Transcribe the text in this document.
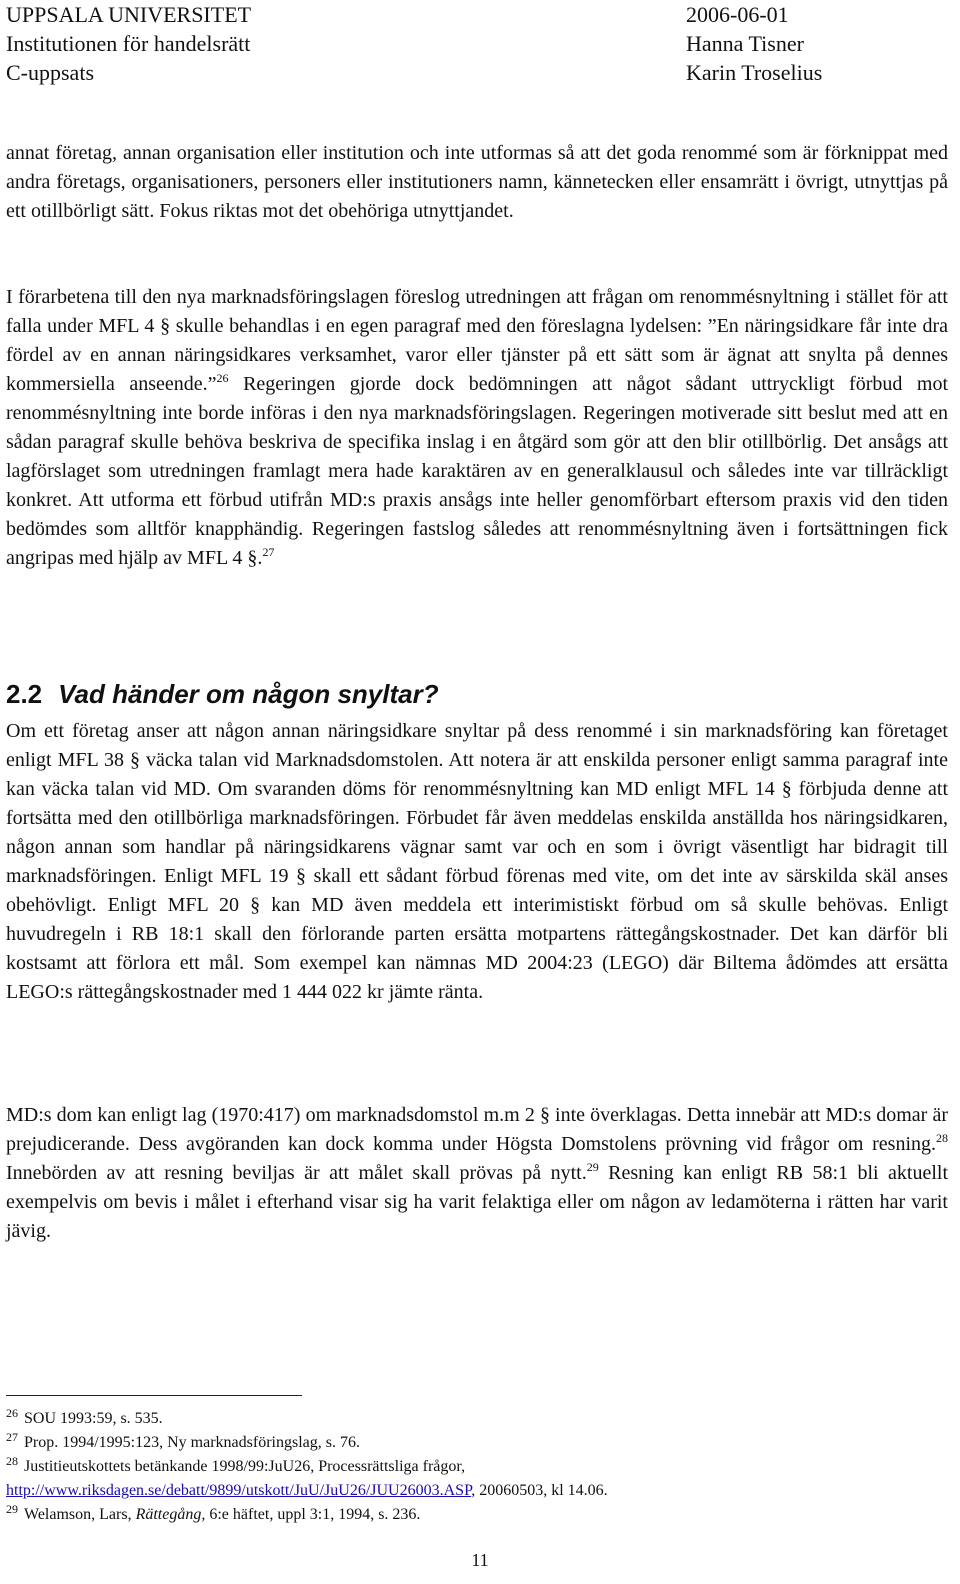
UPPSALA UNIVERSITET
Institutionen för handelsrätt
C-uppsats
2006-06-01
Hanna Tisner
Karin Troselius

annat företag, annan organisation eller institution och inte utformas så att det goda renommé som är förknippat med andra företags, organisationers, personers eller institutioners namn, kännetecken eller ensamrätt i övrigt, utnyttjas på ett otillbörligt sätt. Fokus riktas mot det obehöriga utnyttjandet.

I förarbetena till den nya marknadsföringslagen föreslog utredningen att frågan om renommésnyltning i stället för att falla under MFL 4 § skulle behandlas i en egen paragraf med den föreslagna lydelsen: ”En näringsidkare får inte dra fördel av en annan näringsidkares verksamhet, varor eller tjänster på ett sätt som är ägnat att snylta på dennes kommersiella anseende.”$^{26}$ Regeringen gjorde dock bedömningen att något sådant uttryckligt förbud mot renommésnyltning inte borde införas i den nya marknadsföringslagen. Regeringen motiverade sitt beslut med att en sådan paragraf skulle behöva beskriva de specifika inslag i en åtgärd som gör att den blir otillbörlig. Det ansågs att lagförslaget som utredningen framlagt mera hade karaktären av en generalklausul och således inte var tillräckligt konkret. Att utforma ett förbud utifrån MD:s praxis ansågs inte heller genomförbart eftersom praxis vid den tiden bedömdes som alltför knapphändig. Regeringen fastslog således att renommésnyltning även i fortsättningen fick angripas med hjälp av MFL 4 §.$^{27}$

2.2 Vad händer om någon snyltar?

Om ett företag anser att någon annan näringsidkare snyltar på dess renommé i sin marknadsföring kan företaget enligt MFL 38 § väcka talan vid Marknadsdomstolen. Att notera är att enskilda personer enligt samma paragraf inte kan väcka talan vid MD. Om svaranden döms för renommésnyltning kan MD enligt MFL 14 § förbjuda denne att fortsätta med den otillbörliga marknadsföringen. Förbudet får även meddelas enskilda anställda hos näringsidkaren, någon annan som handlar på näringsidkarens vägnar samt var och en som i övrigt väsentligt har bidragit till marknadsföringen. Enligt MFL 19 § skall ett sådant förbud förenas med vite, om det inte av särskilda skäl anses obehövligt. Enligt MFL 20 § kan MD även meddela ett interimistiskt förbud om så skulle behövas. Enligt huvudregeln i RB 18:1 skall den förlorande parten ersätta motpartens rättegångskostnader. Det kan därför bli kostsamt att förlora ett mål. Som exempel kan nämnas MD 2004:23 (LEGO) där Biltema ådömdes att ersätta LEGO:s rättegångskostnader med 1 444 022 kr jämte ränta.

MD:s dom kan enligt lag (1970:417) om marknadsdomstol m.m 2 § inte överklagas. Detta innebär att MD:s domar är prejudicerande. Dess avgöranden kan dock komma under Högsta Domstolens prövning vid frågor om resning.$^{28}$ Innebörden av att resning beviljas är att målet skall prövas på nytt.$^{29}$ Resning kan enligt RB 58:1 bli aktuellt exempelvis om bevis i målet i efterhand visar sig ha varit felaktiga eller om någon av ledamöterna i rätten har varit jävig.

$^{26}$ SOU 1993:59, s. 535.
$^{27}$ Prop. 1994/1995:123, Ny marknadsföringslag, s. 76.
$^{28}$ Justitieutskottets betänkande 1998/99:JuU26, Processrättsliga frågor,
http://www.riksdagen.se/debatt/9899/utskott/JuU/JuU26/JUU26003.ASP, 20060503, kl 14.06.
$^{29}$ Welamson, Lars, Rättegång, 6:e häftet, uppl 3:1, 1994, s. 236.
11
